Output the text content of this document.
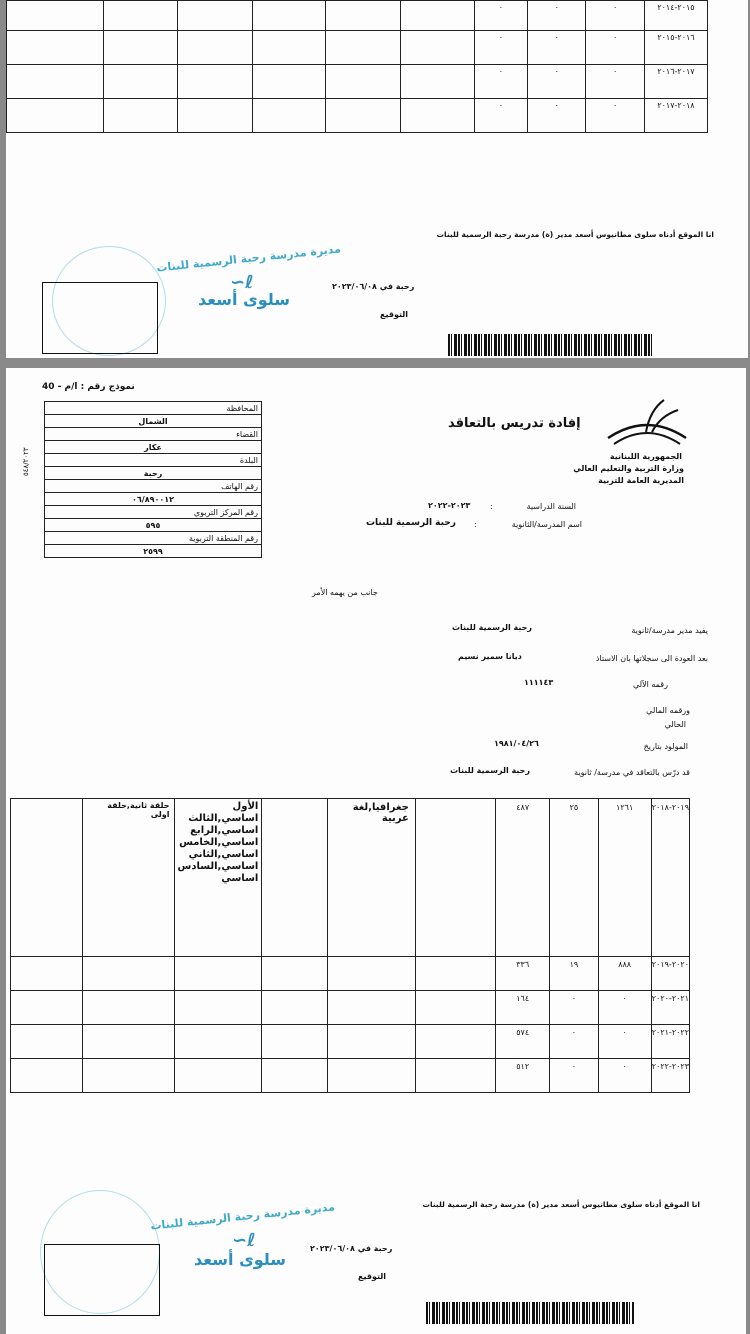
						٠	٠	٠	٢٠١٥-٢٠١٤
						٠	٠	٠	٢٠١٦-٢٠١٥
						٠	٠	٠	٢٠١٧-٢٠١٦
						٠	٠	٠	٢٠١٨-٢٠١٧
انا الموقع أدناه سلوى مطانيوس أسعد مدير (ة) مدرسة رحبة الرسمية للبنات
مديرة مدرسة رحبة الرسمية للبنات
سلوى أسعد
∽ℓ	رحبة في ٢٠٢٣/٠٦/٠٨
التوقيع
نموذج رقم : ا/م - 40
المحافظة
الشمال
القضاء
عكار
البلدة
رحبة
رقم الهاتف
٠٦/٨٩٠٠١٢
رقم المركز التربوي
٥٩٥
رقم المنطقة التربوية
٢٥٩٩
٥٤٨/٢٠٢٣	الجمهورية اللبنانية
وزارة التربية والتعليم العالي
المديرية العامة للتربية
إفادة تدريس بالتعاقد
السنة الدراسية
:
٢٠٢٣-٢٠٢٢
اسم المدرسة/الثانوية
:
رحبة الرسمية للبنات
جانب من يهمه الأمر
يفيد مدير مدرسة/ثانوية
رحبة الرسمية للبنات
بعد العودة الى سجلاتها بان الاستاذ
ديانا سمير نسيم
رقمه الآلي
١١١١٤٣
ورقمه المالي
الحالي
المولود بتاريخ
١٩٨١/٠٤/٢٦
قد درّس بالتعاقد في مدرسة/ ثانوية
رحبة الرسمية للبنات
	حلقة ثانية,حلقة اولى	الأول اساسي,الثالث اساسي,الرابع اساسي,الخامس اساسي,الثاني اساسي,السادس اساسي		جغرافيا,لغة عربية		٤٨٧	٢٥	١٢٦١	٢٠١٩-٢٠١٨
						٣٣٦	١٩	٨٨٨	٢٠٢٠-٢٠١٩
						١٦٤	٠	٠	٢٠٢١-٢٠٢٠
						٥٧٤	٠	٠	٢٠٢٢-٢٠٢١
						٥١٢	٠	٠	٢٠٢٣-٢٠٢٢
انا الموقع أدناه سلوى مطانيوس أسعد مدير (ة) مدرسة رحبة الرسمية للبنات
مديرة مدرسة رحبة الرسمية للبنات
سلوى أسعد
∽ℓ	رحبة في ٢٠٢٣/٠٦/٠٨
التوقيع
